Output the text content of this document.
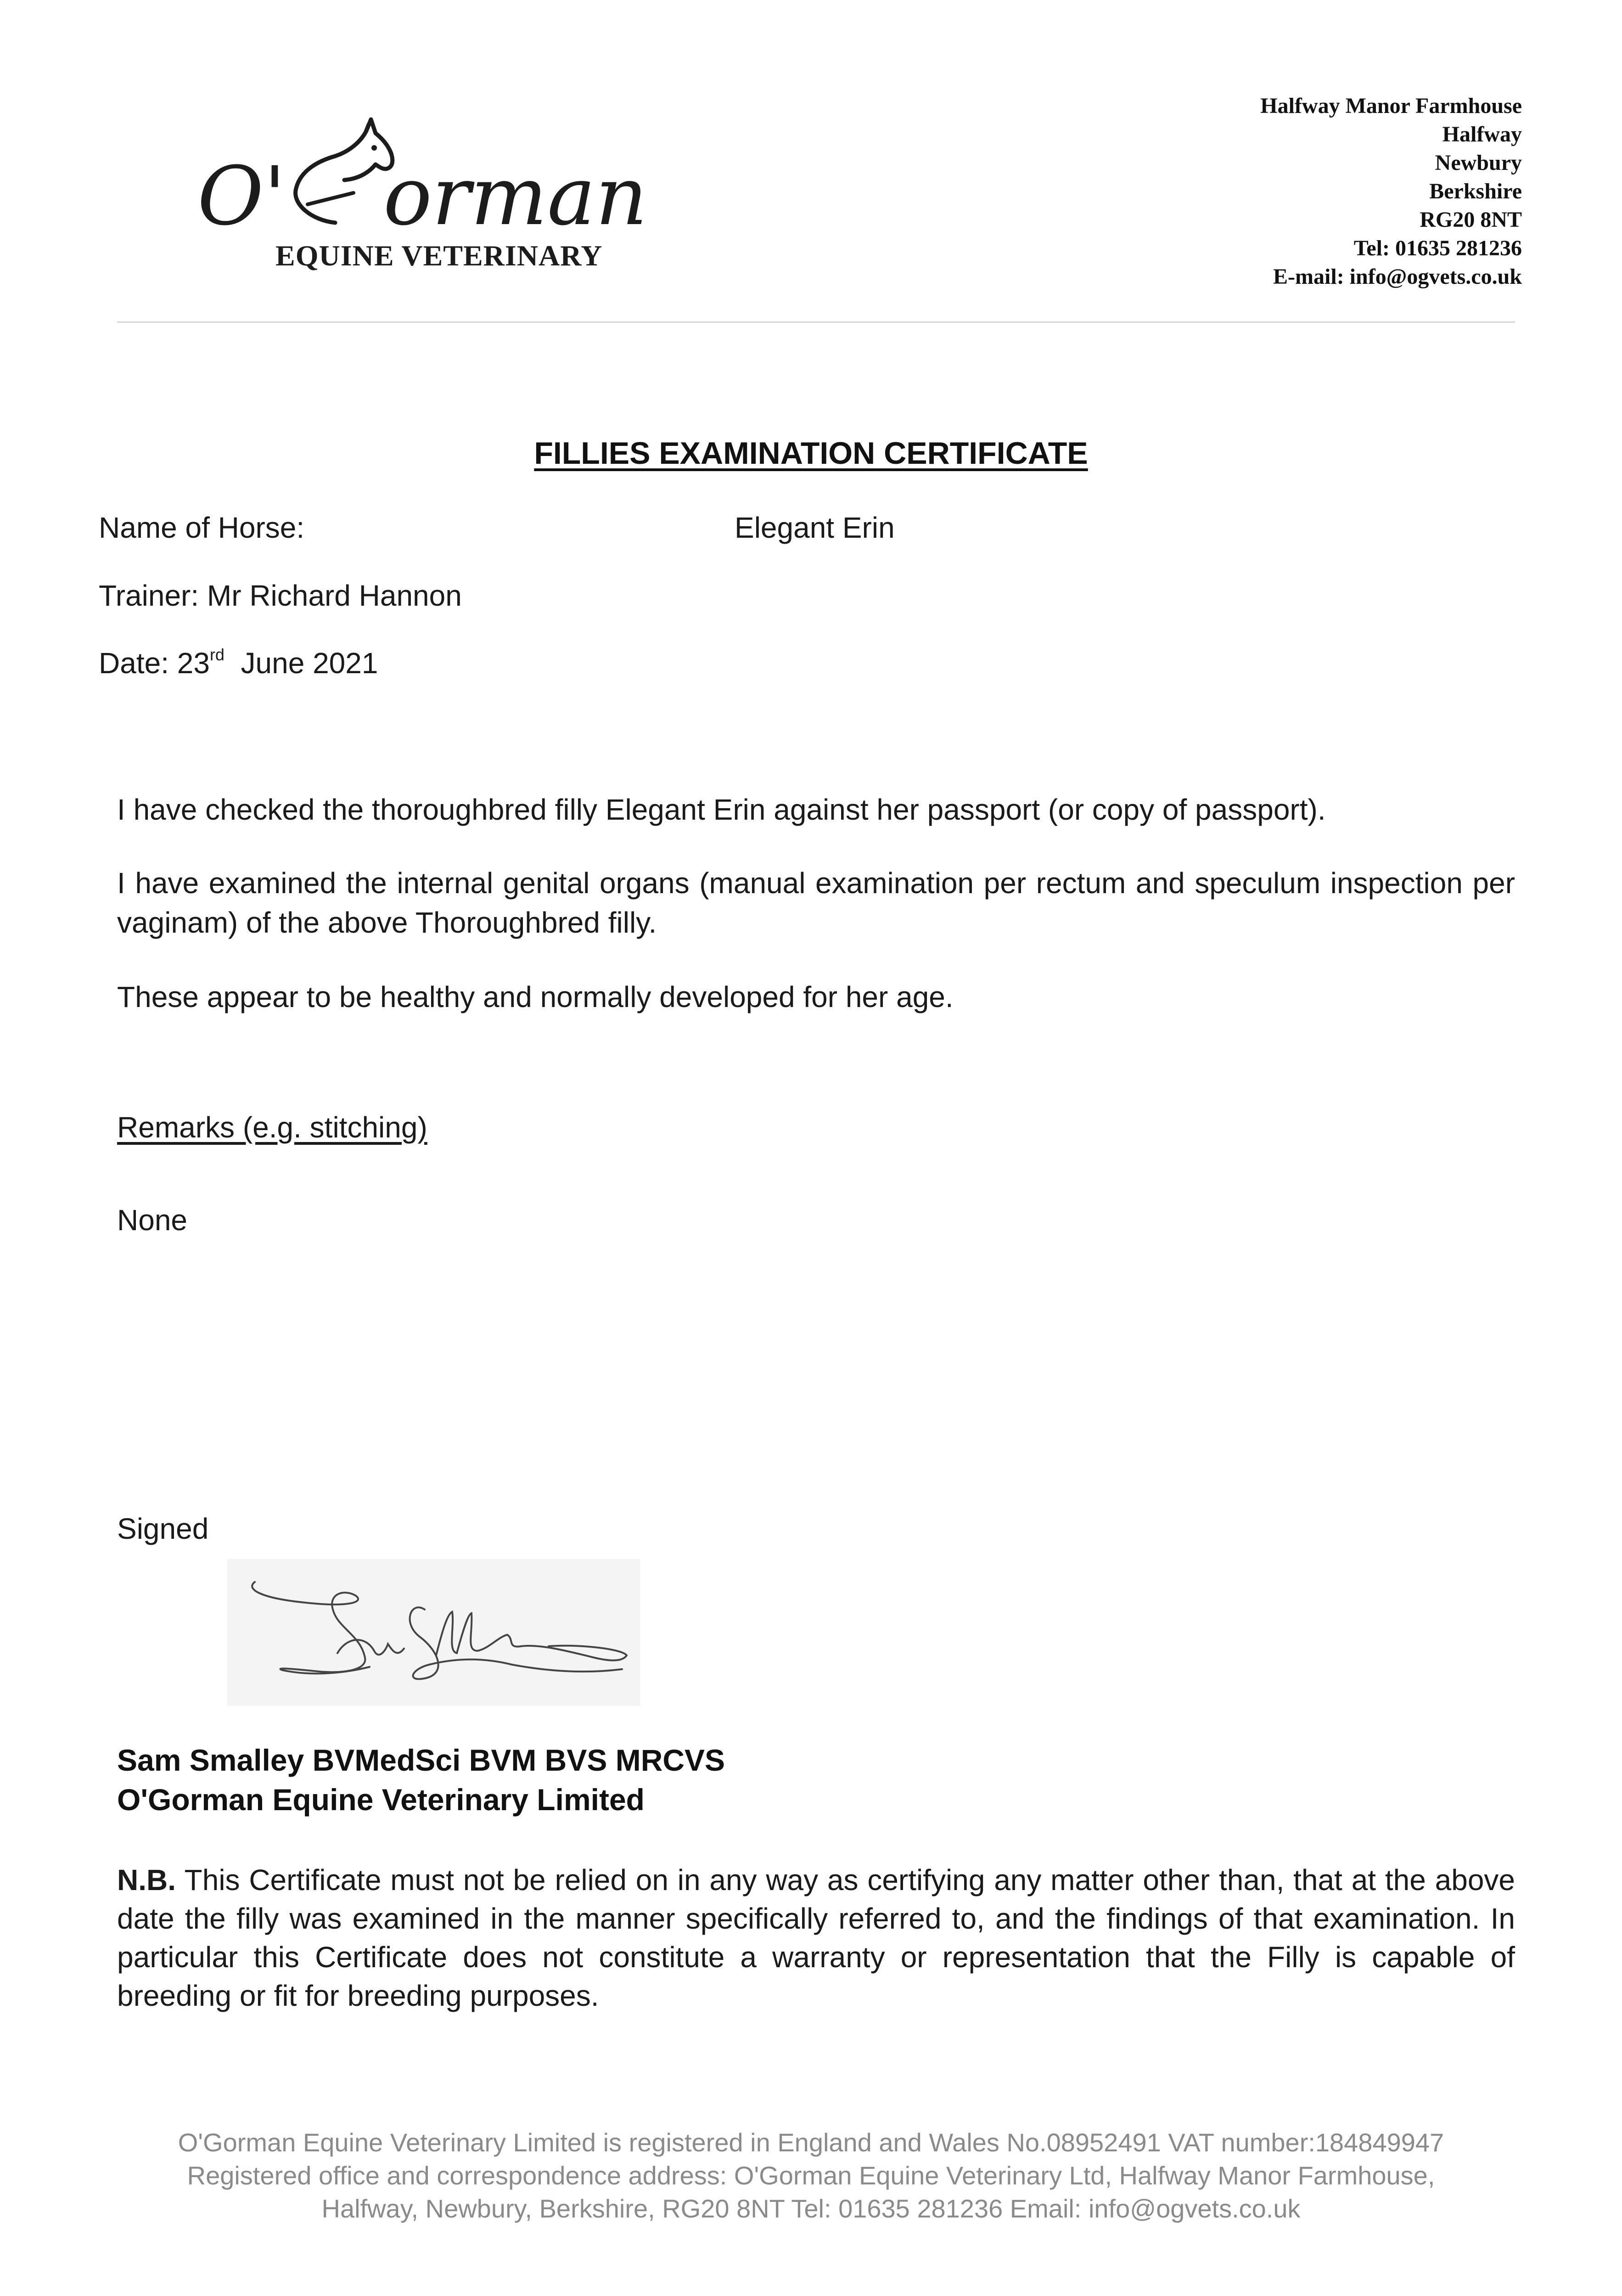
O' orman
EQUINE VETERINARY
Halfway Manor Farmhouse
Halfway
Newbury
Berkshire
RG20 8NT
Tel: 01635 281236
E-mail: info@ogvets.co.uk
FILLIES EXAMINATION CERTIFICATE
Name of Horse:	Elegant Erin
Trainer: Mr Richard Hannon
Date: 23rd June 2021
I have checked the thoroughbred filly Elegant Erin against her passport (or copy of passport).
I have examined the internal genital organs (manual examination per rectum and speculum inspection per vaginam) of the above Thoroughbred filly.
These appear to be healthy and normally developed for her age.
Remarks (e.g. stitching)
None
Signed
Sam Smalley BVMedSci BVM BVS MRCVS
O'Gorman Equine Veterinary Limited
N.B. This Certificate must not be relied on in any way as certifying any matter other than, that at the above date the filly was examined in the manner specifically referred to, and the findings of that examination. In particular this Certificate does not constitute a warranty or representation that the Filly is capable of breeding or fit for breeding purposes.
O'Gorman Equine Veterinary Limited is registered in England and Wales No.08952491 VAT number:184849947
Registered office and correspondence address: O'Gorman Equine Veterinary Ltd, Halfway Manor Farmhouse,
Halfway, Newbury, Berkshire, RG20 8NT Tel: 01635 281236 Email: info@ogvets.co.uk
